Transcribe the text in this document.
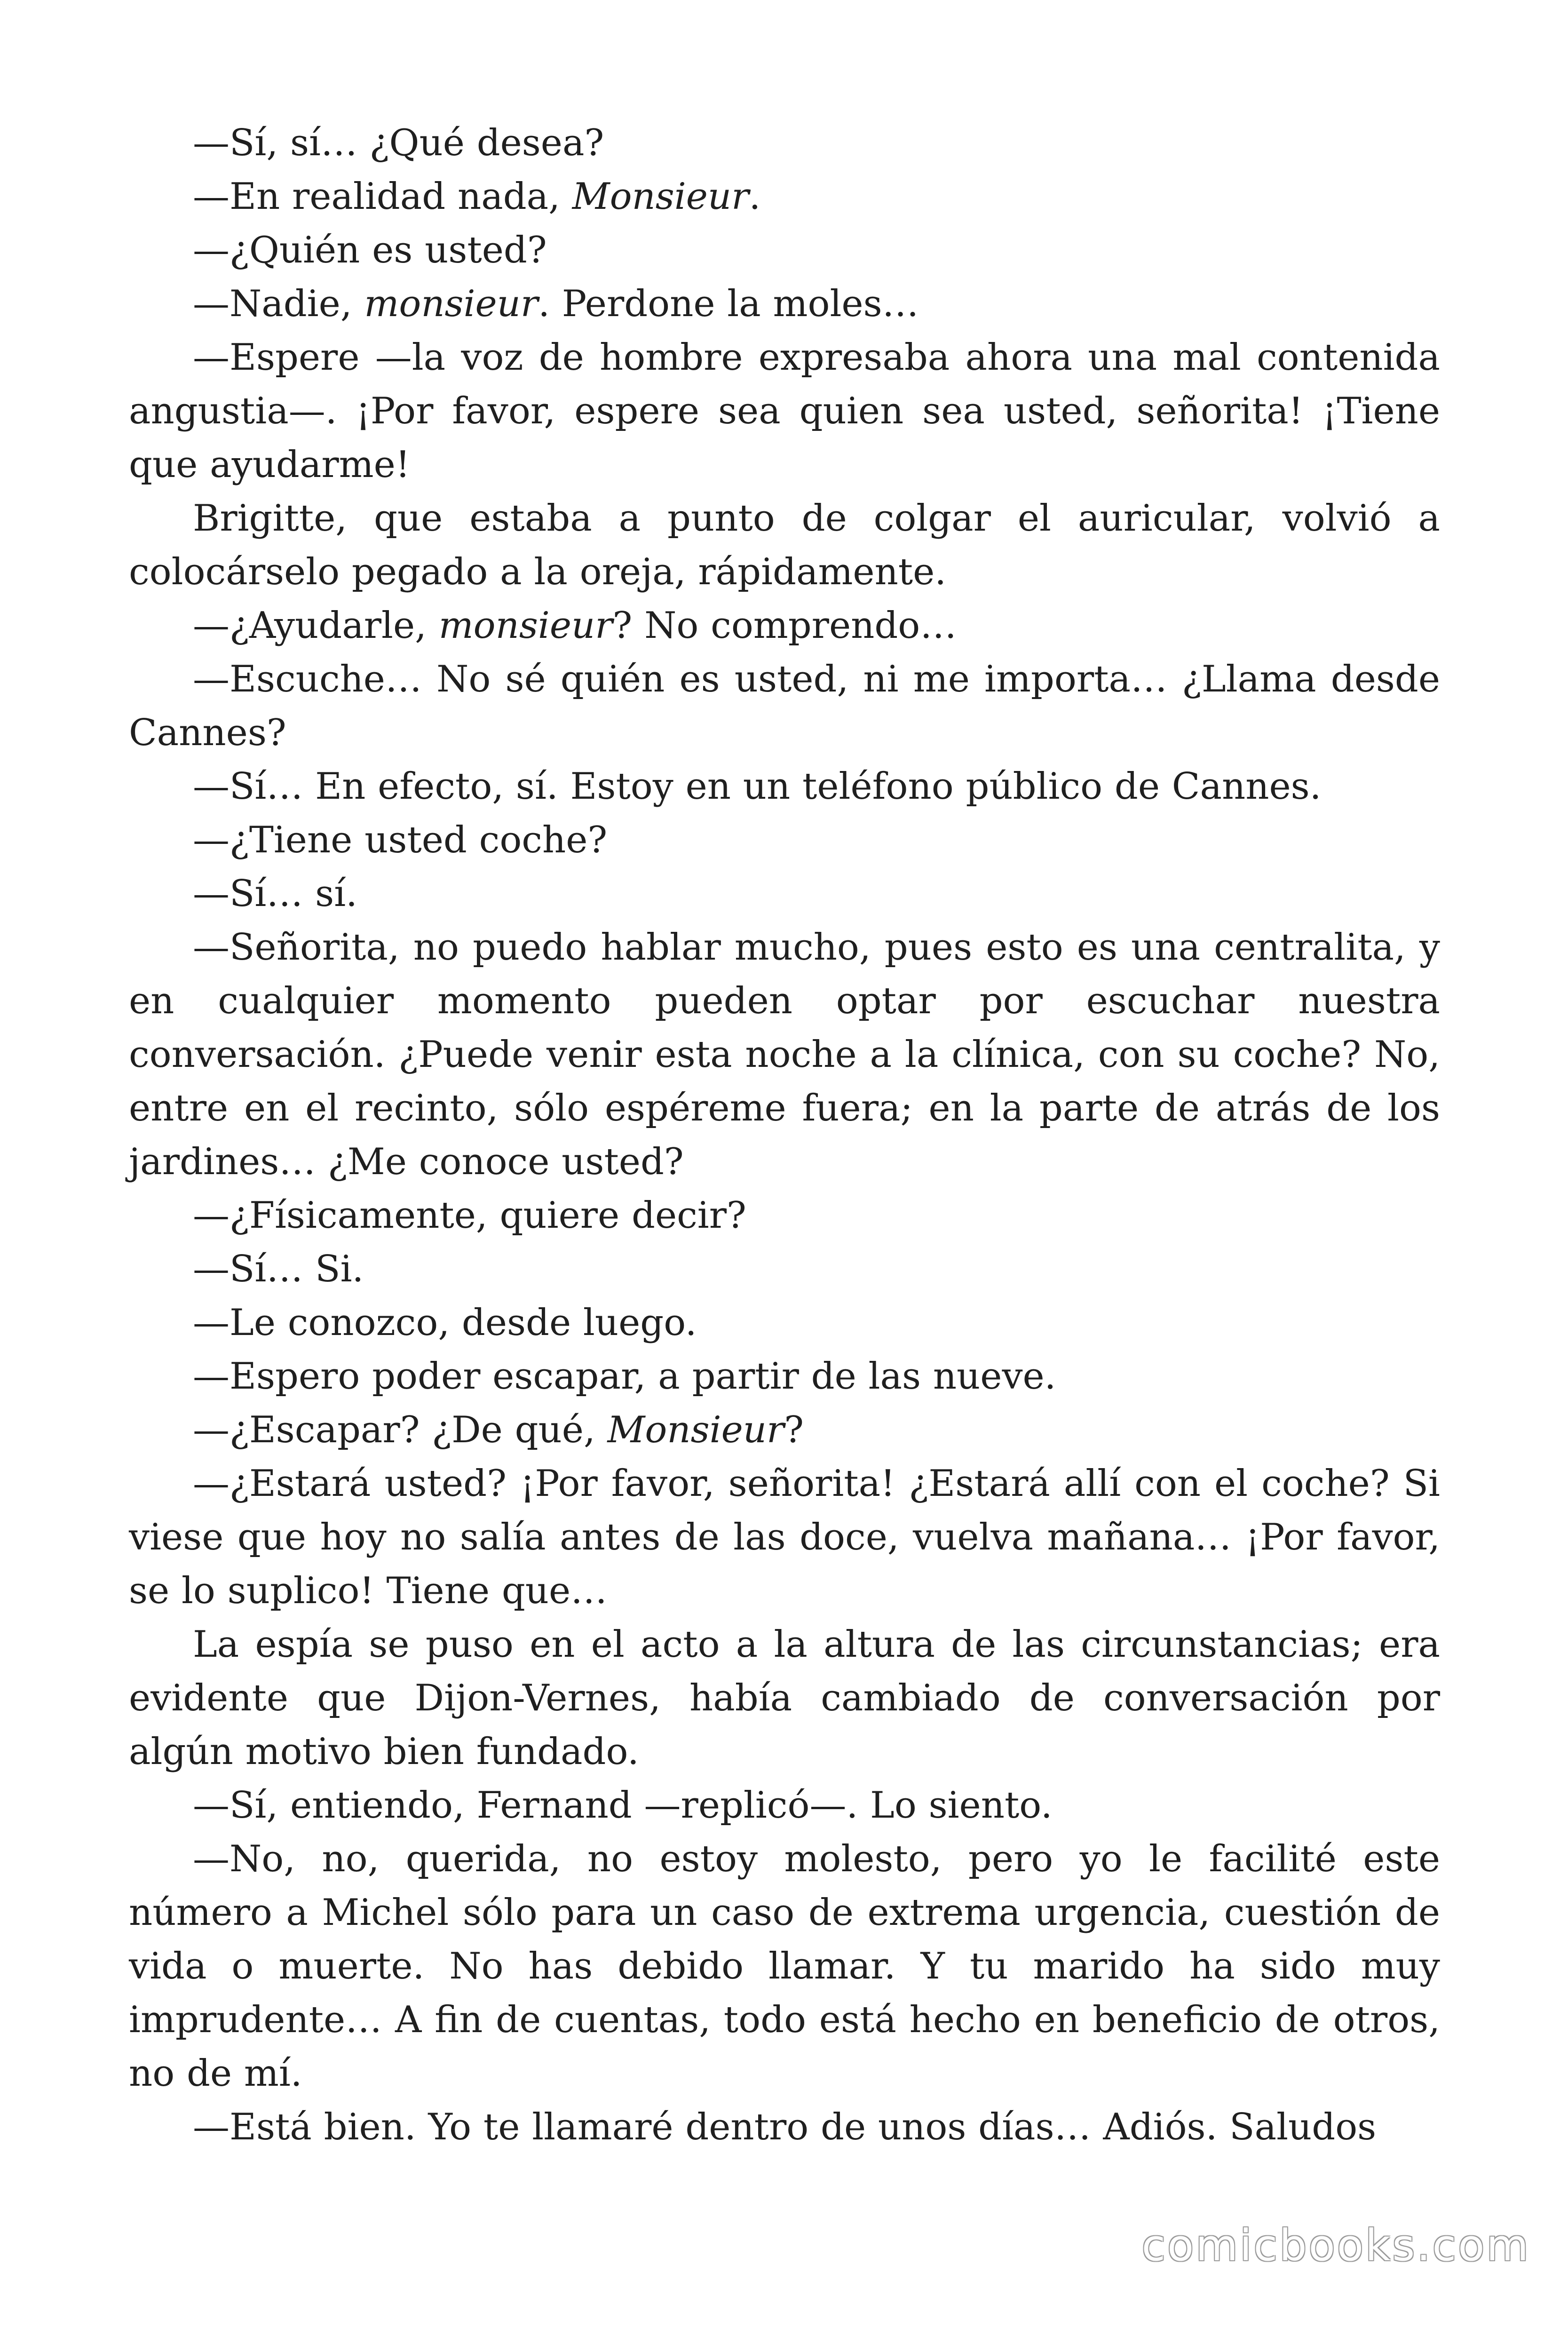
—Sí, sí… ¿Qué desea?

—En realidad nada, Monsieur.

—¿Quién es usted?

—Nadie, monsieur. Perdone la moles…

—Espere —la voz de hombre expresaba ahora una mal contenida angustia—. ¡Por favor, espere sea quien sea usted, señorita! ¡Tiene que ayudarme!

Brigitte, que estaba a punto de colgar el auricular, volvió a colocárselo pegado a la oreja, rápidamente.

—¿Ayudarle, monsieur? No comprendo…

—Escuche… No sé quién es usted, ni me importa… ¿Llama desde Cannes?

—Sí… En efecto, sí. Estoy en un teléfono público de Cannes.

—¿Tiene usted coche?

—Sí… sí.

—Señorita, no puedo hablar mucho, pues esto es una centralita, y en cualquier momento pueden optar por escuchar nuestra conversación. ¿Puede venir esta noche a la clínica, con su coche? No, entre en el recinto, sólo espéreme fuera; en la parte de atrás de los jardines… ¿Me conoce usted?

—¿Físicamente, quiere decir?

—Sí… Si.

—Le conozco, desde luego.

—Espero poder escapar, a partir de las nueve.

—¿Escapar? ¿De qué, Monsieur?

—¿Estará usted? ¡Por favor, señorita! ¿Estará allí con el coche? Si viese que hoy no salía antes de las doce, vuelva mañana… ¡Por favor, se lo suplico! Tiene que…

La espía se puso en el acto a la altura de las circunstancias; era evidente que Dijon-Vernes, había cambiado de conversación por algún motivo bien fundado.

—Sí, entiendo, Fernand —replicó—. Lo siento.

—No, no, querida, no estoy molesto, pero yo le facilité este número a Michel sólo para un caso de extrema urgencia, cuestión de vida o muerte. No has debido llamar. Y tu marido ha sido muy imprudente… A fin de cuentas, todo está hecho en beneficio de otros, no de mí.

—Está bien. Yo te llamaré dentro de unos días… Adiós. Saludos

comicbooks.com
